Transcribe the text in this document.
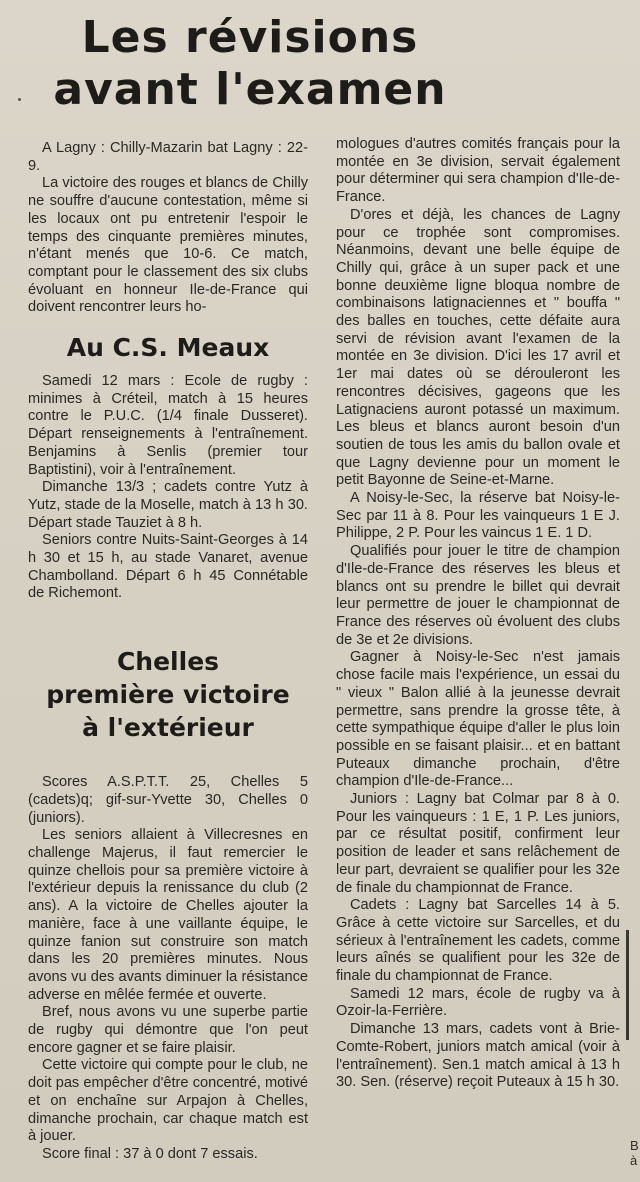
Les révisions
avant l'examen

A Lagny : Chilly-Mazarin bat Lagny : 22-9.

La victoire des rouges et blancs de Chilly ne souffre d'aucune contestation, même si les locaux ont pu entretenir l'espoir le temps des cinquante premières minutes, n'étant menés que 10-6. Ce match, comptant pour le classement des six clubs évoluant en honneur Ile-de-France qui doivent rencontrer leurs ho-

Au C.S. Meaux

Samedi 12 mars : Ecole de rugby : minimes à Créteil, match à 15 heures contre le P.U.C. (1/4 finale Dusseret). Départ renseignements à l'entraînement. Benjamins à Senlis (premier tour Baptistini), voir à l'entraînement.

Dimanche 13/3 ; cadets contre Yutz à Yutz, stade de la Moselle, match à 13 h 30. Départ stade Tauziet à 8 h.

Seniors contre Nuits-Saint-Georges à 14 h 30 et 15 h, au stade Vanaret, avenue Chambolland. Départ 6 h 45 Connétable de Richemont.

Chelles
première victoire
à l'extérieur

Scores A.S.P.T.T. 25, Chelles 5 (cadets)q; gif-sur-Yvette 30, Chelles 0 (juniors).

Les seniors allaient à Villecresnes en challenge Majerus, il faut remercier le quinze chellois pour sa première victoire à l'extérieur depuis la renissance du club (2 ans). A la victoire de Chelles ajouter la manière, face à une vaillante équipe, le quinze fanion sut construire son match dans les 20 premières minutes. Nous avons vu des avants diminuer la résistance adverse en mêlée fermée et ouverte.

Bref, nous avons vu une superbe partie de rugby qui démontre que l'on peut encore gagner et se faire plaisir.

Cette victoire qui compte pour le club, ne doit pas empêcher d'être concentré, motivé et on enchaîne sur Arpajon à Chelles, dimanche prochain, car chaque match est à jouer.

Score final : 37 à 0 dont 7 essais.

mologues d'autres comités français pour la montée en 3e division, servait également pour déterminer qui sera champion d'Ile-de-France.

D'ores et déjà, les chances de Lagny pour ce trophée sont compromises. Néanmoins, devant une belle équipe de Chilly qui, grâce à un super pack et une bonne deuxième ligne bloqua nombre de combinaisons latignaciennes et " bouffa " des balles en touches, cette défaite aura servi de révision avant l'examen de la montée en 3e division. D'ici les 17 avril et 1er mai dates où se dérouleront les rencontres décisives, gageons que les Latignaciens auront potassé un maximum. Les bleus et blancs auront besoin d'un soutien de tous les amis du ballon ovale et que Lagny devienne pour un moment le petit Bayonne de Seine-et-Marne.

A Noisy-le-Sec, la réserve bat Noisy-le-Sec par 11 à 8. Pour les vainqueurs 1 E J. Philippe, 2 P. Pour les vaincus 1 E. 1 D.

Qualifiés pour jouer le titre de champion d'Ile-de-France des réserves les bleus et blancs ont su prendre le billet qui devrait leur permettre de jouer le championnat de France des réserves où évoluent des clubs de 3e et 2e divisions.

Gagner à Noisy-le-Sec n'est jamais chose facile mais l'expérience, un essai du " vieux " Balon allié à la jeunesse devrait permettre, sans prendre la grosse tête, à cette sympathique équipe d'aller le plus loin possible en se faisant plaisir... et en battant Puteaux dimanche prochain, d'être champion d'Ile-de-France...

Juniors : Lagny bat Colmar par 8 à 0. Pour les vainqueurs : 1 E, 1 P. Les juniors, par ce résultat positif, confirment leur position de leader et sans relâchement de leur part, devraient se qualifier pour les 32e de finale du championnat de France.

Cadets : Lagny bat Sarcelles 14 à 5. Grâce à cette victoire sur Sarcelles, et du sérieux à l'entraînement les cadets, comme leurs aînés se qualifient pour les 32e de finale du championnat de France.

Samedi 12 mars, école de rugby va à Ozoir-la-Ferrière.

Dimanche 13 mars, cadets vont à Brie-Comte-Robert, juniors match amical (voir à l'entraînement). Sen.1 match amical à 13 h 30. Sen. (réserve) reçoit Puteaux à 15 h 30.

B à
